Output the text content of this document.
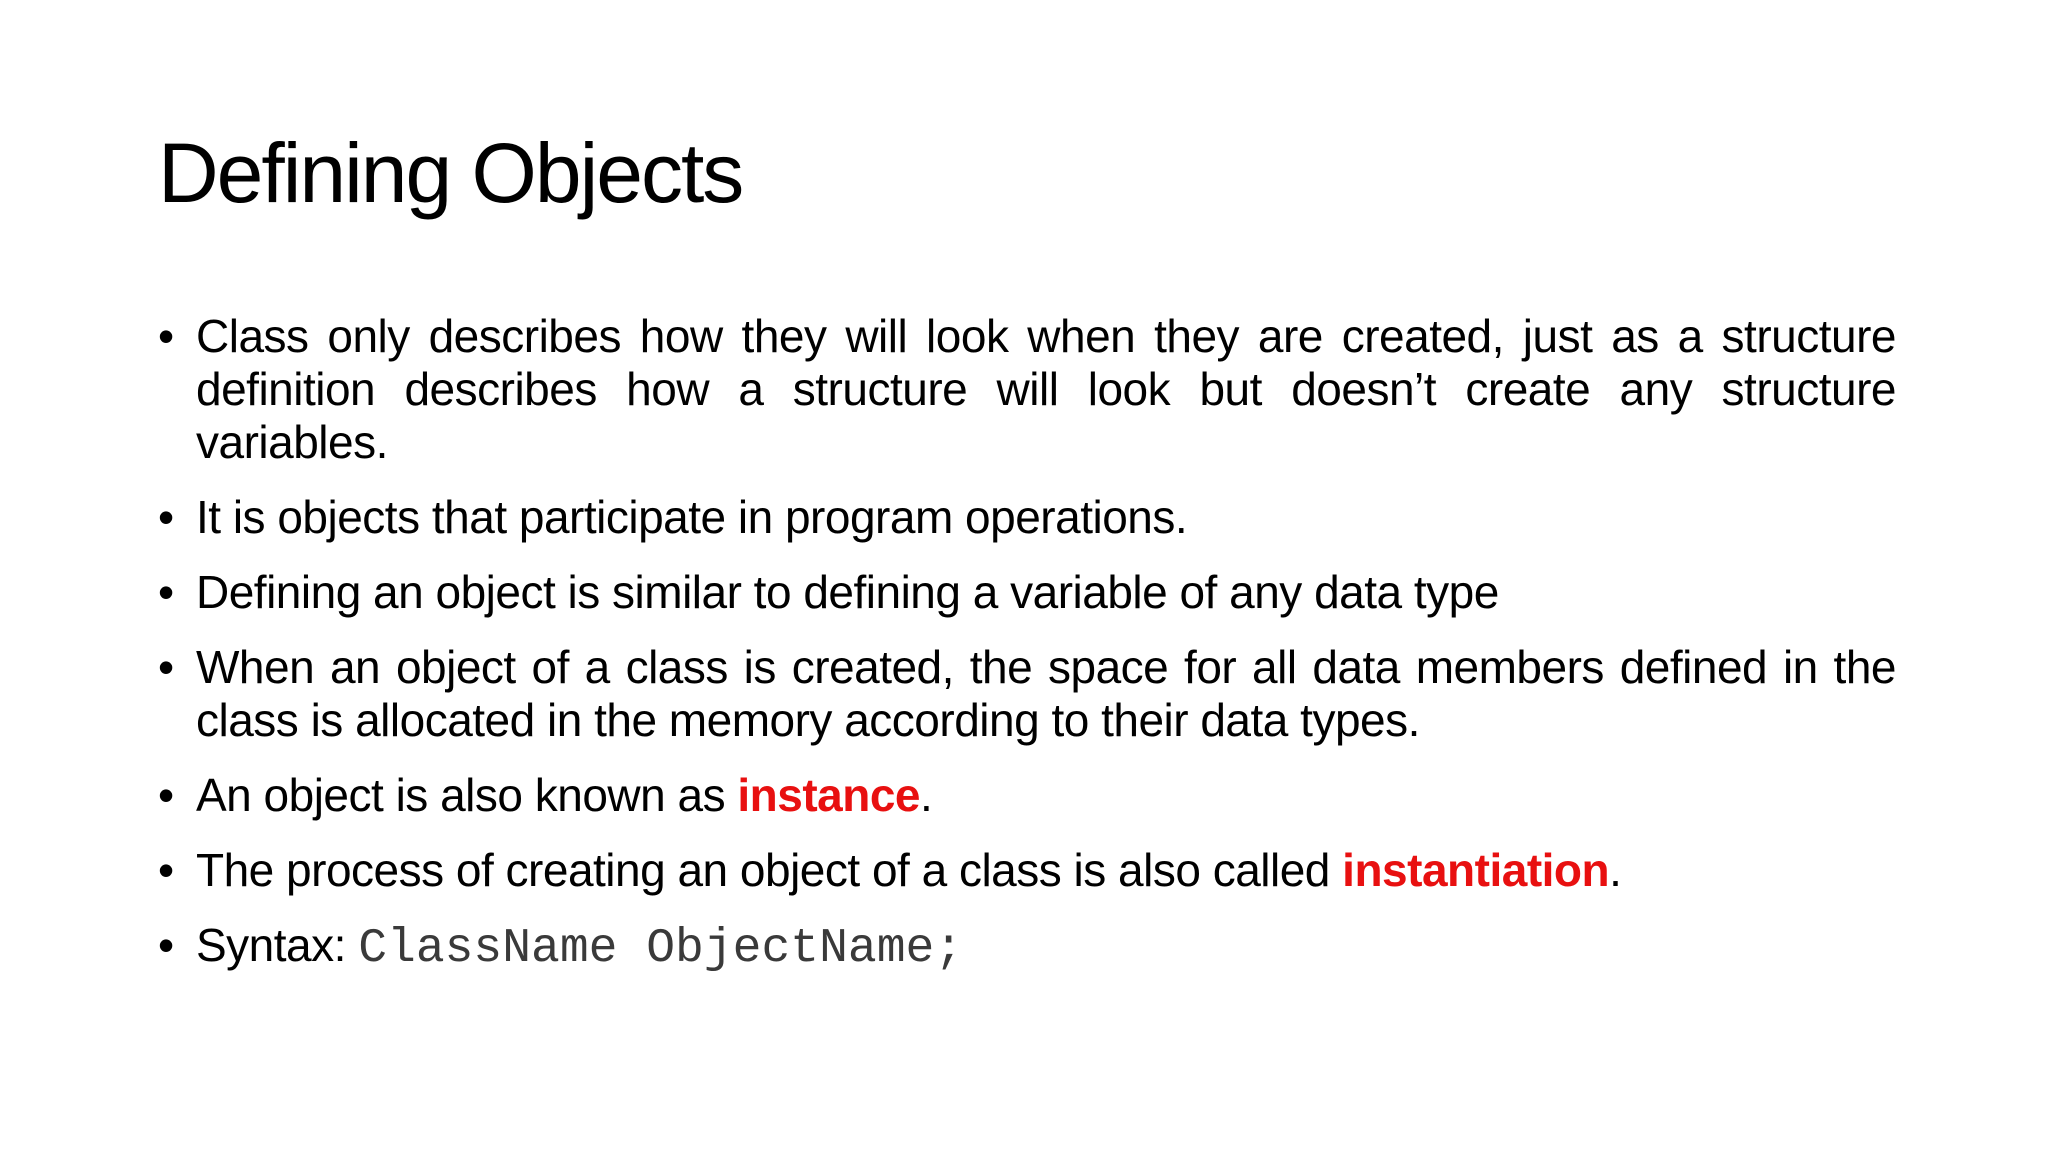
Defining Objects
• Class only describes how they will look when they are created, just as a structure definition describes how a structure will look but doesn’t create any structure variables.
• It is objects that participate in program operations.
• Defining an object is similar to defining a variable of any data type
• When an object of a class is created, the space for all data members defined in the class is allocated in the memory according to their data types.
• An object is also known as instance.
• The process of creating an object of a class is also called instantiation.
• Syntax: ClassName ObjectName;
